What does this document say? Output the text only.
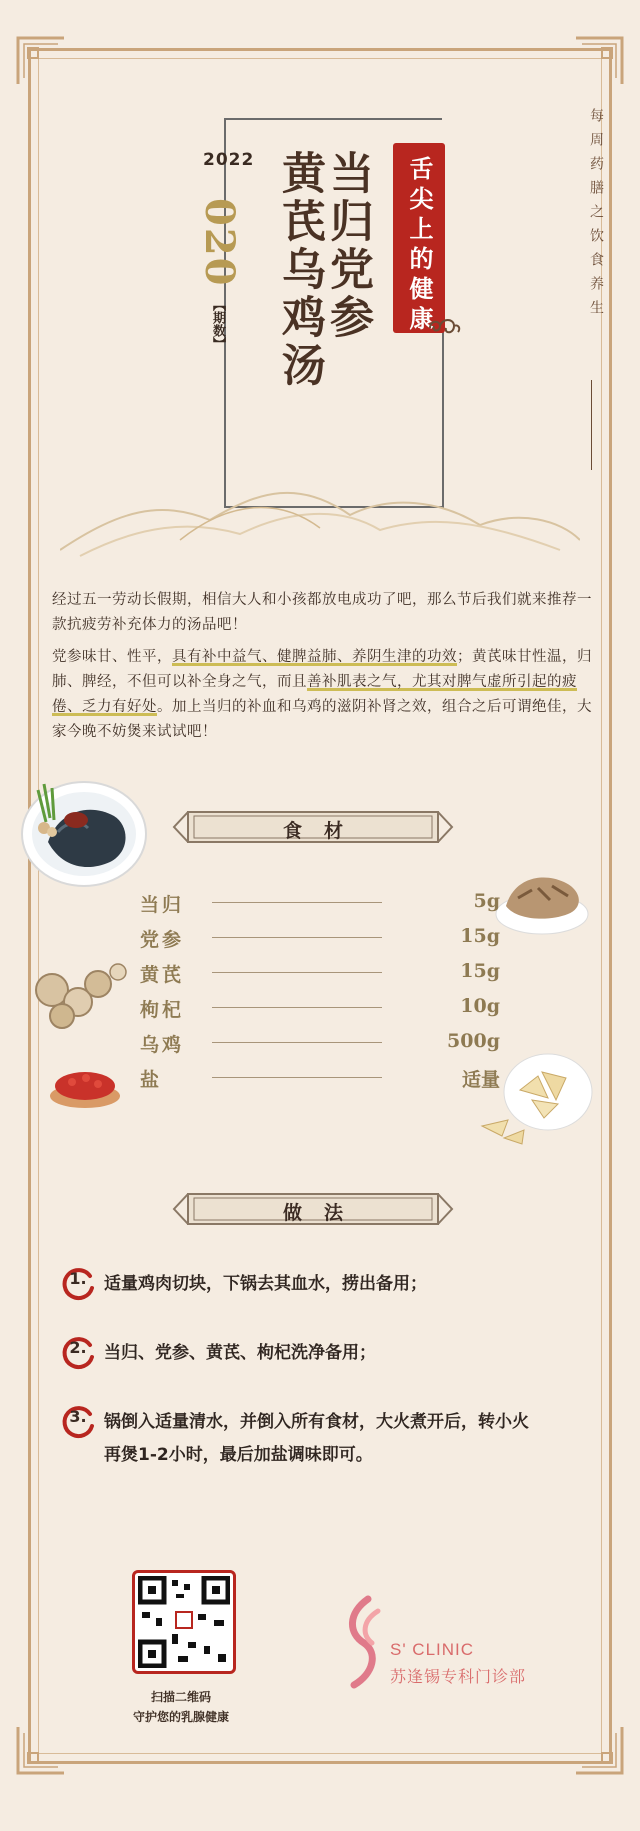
2022
020
【期数】 当归党参
黄芪乌鸡汤	舌尖上的健康	每周药膳之饮食养生

经过五一劳动长假期，相信大人和小孩都放电成功了吧，那么节后我们就来推荐一款抗疲劳补充体力的汤品吧！

党参味甘、性平，具有补中益气、健脾益肺、养阴生津的功效；黄芪味甘性温，归肺、脾经，不但可以补全身之气，而且善补肌表之气，尤其对脾气虚所引起的疲倦、乏力有好处。加上当归的补血和乌鸡的滋阴补肾之效，组合之后可谓绝佳，大家今晚不妨煲来试试吧！

食材
当归	5g
党参	15g
黄芪	15g
枸杞	10g
乌鸡	500g
盐	适量
做法
1.	适量鸡肉切块，下锅去其血水，捞出备用；
2.	当归、党参、黄芪、枸杞洗净备用；
3.	锅倒入适量清水，并倒入所有食材，大火煮开后，转小火再煲1-2小时，最后加盐调味即可。
扫描二维码
守护您的乳腺健康
S' CLINIC
苏逢锡专科门诊部
